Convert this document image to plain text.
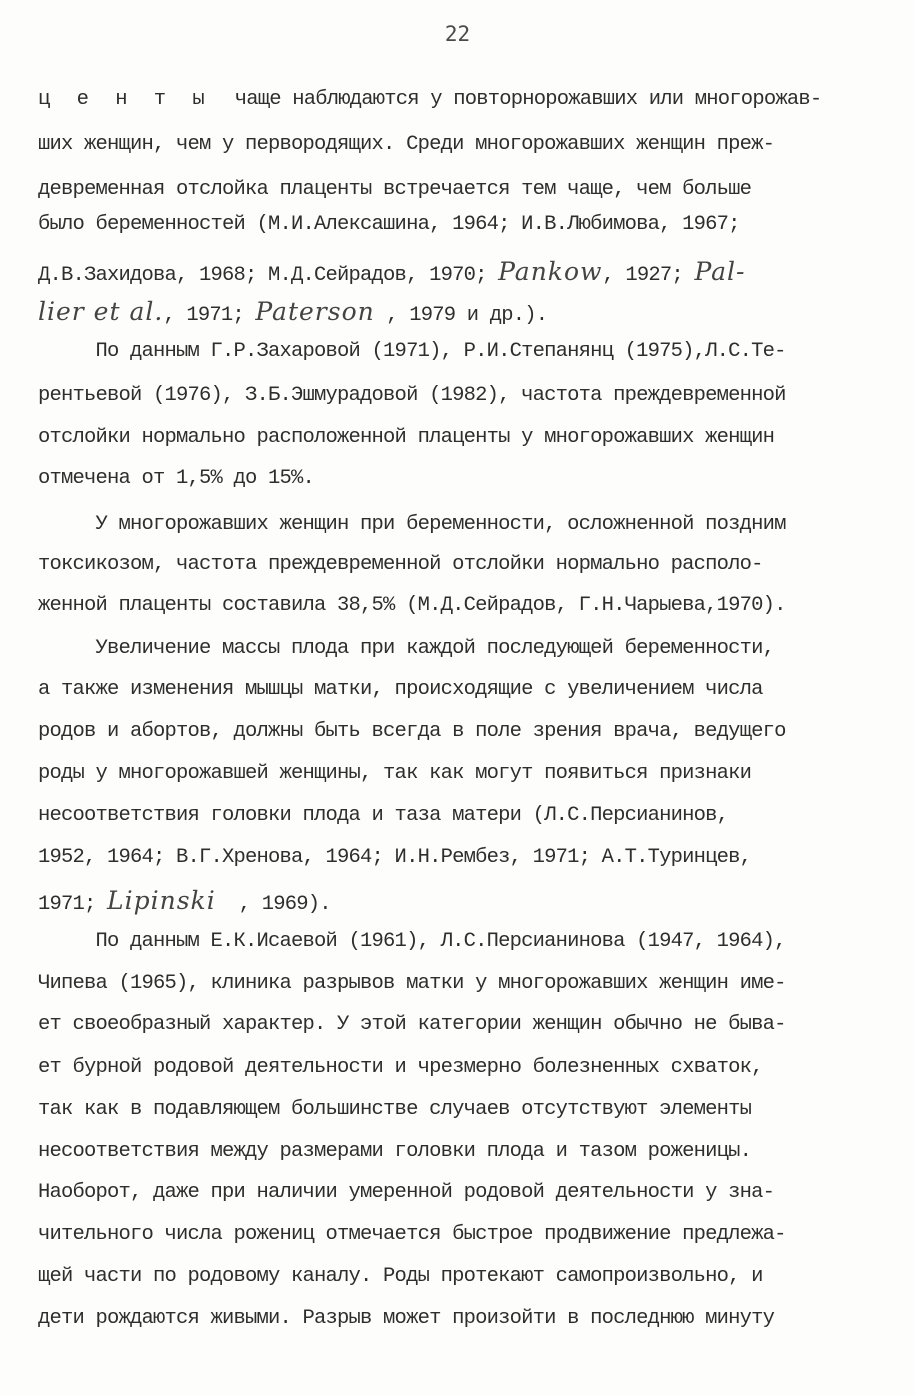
22

ц е н т ы  чаще наблюдаются у повторнорожавших или многорожав-

ших женщин, чем у первородящих. Среди многорожавших женщин преж-

девременная отслойка плаценты встречается тем чаще, чем больше

было беременностей (М.И.Алексашина, 1964; И.В.Любимова, 1967;

Д.В.Захидова, 1968; М.Д.Сейрадов, 1970; Pankow, 1927; Pal-

lier et al., 1971; Paterson , 1979 и др.).

По данным Г.Р.Захаровой (1971), Р.И.Степанянц (1975),Л.С.Те-

рентьевой (1976), З.Б.Эшмурадовой (1982), частота преждевременной

отслойки нормально расположенной плаценты у многорожавших женщин

отмечена от 1,5% до 15%.

У многорожавших женщин при беременности, осложненной поздним

токсикозом, частота преждевременной отслойки нормально располо-

женной плаценты составила 38,5% (М.Д.Сейрадов, Г.Н.Чарыева,1970).

Увеличение массы плода при каждой последующей беременности,

а также изменения мышцы матки, происходящие с увеличением числа

родов и абортов, должны быть всегда в поле зрения врача, ведущего

роды у многорожавшей женщины, так как могут появиться признаки

несоответствия головки плода и таза матери (Л.С.Персианинов,

1952, 1964; В.Г.Хренова, 1964; И.Н.Рембез, 1971; А.Т.Туринцев,

1971; Lipinski  , 1969).

По данным Е.К.Исаевой (1961), Л.С.Персианинова (1947, 1964),

Чипева (1965), клиника разрывов матки у многорожавших женщин име-

ет своеобразный характер. У этой категории женщин обычно не быва-

ет бурной родовой деятельности и чрезмерно болезненных схваток,

так как в подавляющем большинстве случаев отсутствуют элементы

несоответствия между размерами головки плода и тазом роженицы.

Наоборот, даже при наличии умеренной родовой деятельности у зна-

чительного числа рожениц отмечается быстрое продвижение предлежа-

щей части по родовому каналу. Роды протекают самопроизвольно, и

дети рождаются живыми. Разрыв может произойти в последнюю минуту
